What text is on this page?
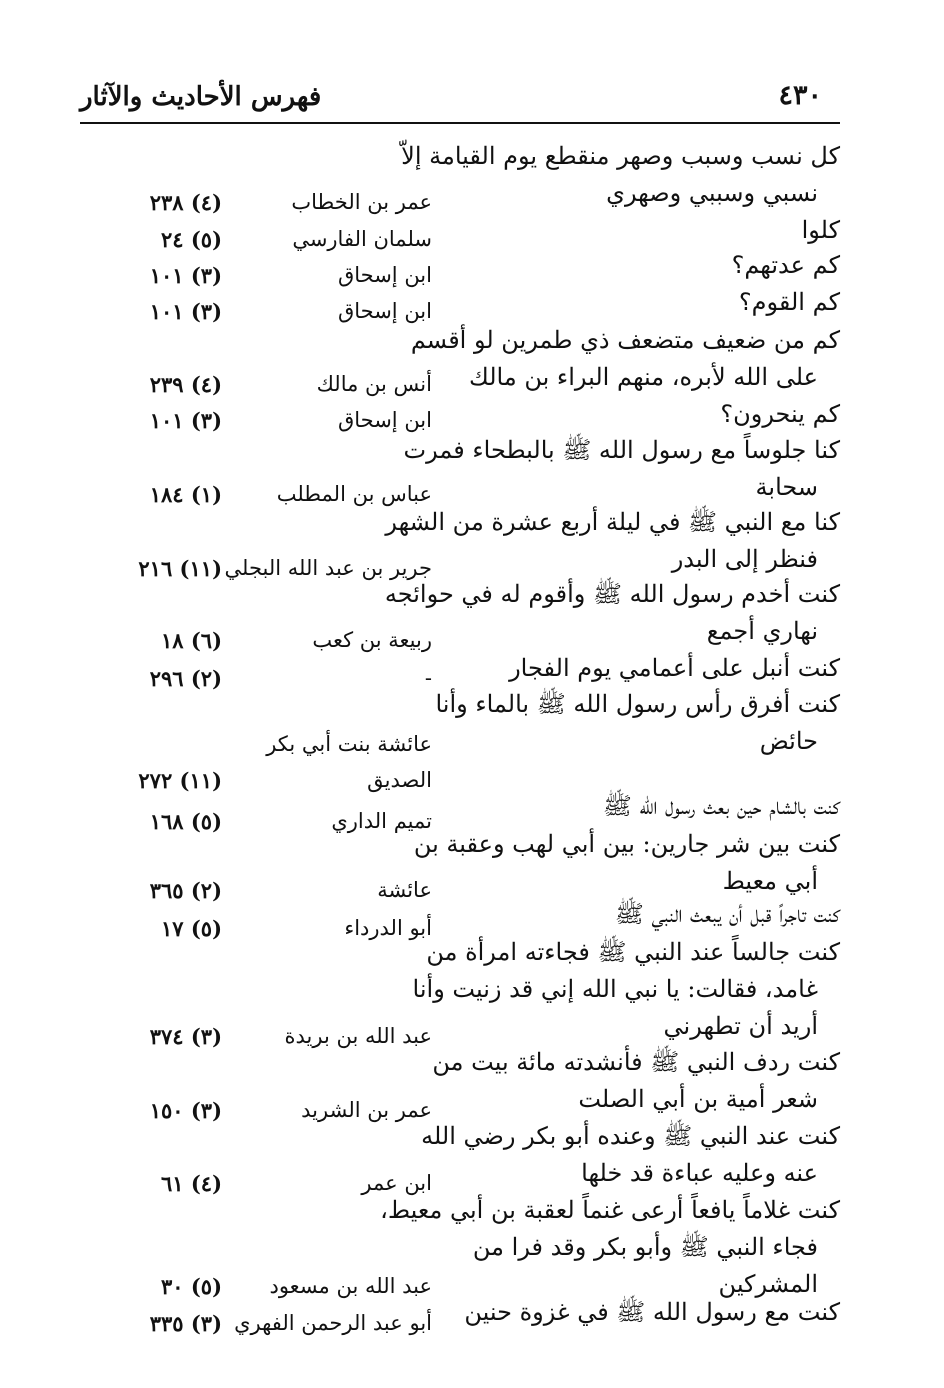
٤٣٠
فهرس الأحاديث والآثار
كل نسب وسبب وصهر منقطع يوم القيامة إلاّ
نسبي وسببي وصهري
عمر بن الخطاب
(٤) ٢٣٨
كلوا
سلمان الفارسي
(٥) ٢٤
كم عدتهم؟
ابن إسحاق
(٣) ١٠١
كم القوم؟
ابن إسحاق
(٣) ١٠١
كم من ضعيف متضعف ذي طمرين لو أقسم
على الله لأبره، منهم البراء بن مالك
أنس بن مالك
(٤) ٢٣٩
كم ينحرون؟
ابن إسحاق
(٣) ١٠١
كنا جلوساً مع رسول الله ﷺ بالبطحاء فمرت
سحابة
عباس بن المطلب
(١) ١٨٤
كنا مع النبي ﷺ في ليلة أربع عشرة من الشهر
فنظر إلى البدر
جرير بن عبد الله البجلي
(١١) ٢١٦
كنت أخدم رسول الله ﷺ وأقوم له في حوائجه
نهاري أجمع
ربيعة بن كعب
(٦) ١٨
كنت أنبل على أعمامي يوم الفجار
-
(٢) ٢٩٦
كنت أفرق رأس رسول الله ﷺ بالماء وأنا
حائض
عائشة بنت أبي بكر
الصديق
(١١) ٢٧٢
كنت بالشام حين بعث رسول الله ﷺ
تميم الداري
(٥) ١٦٨
كنت بين شر جارين: بين أبي لهب وعقبة بن
أبي معيط
عائشة
(٢) ٣٦٥
كنت تاجراً قبل أن يبعث النبي ﷺ
أبو الدرداء
(٥) ١٧
كنت جالساً عند النبي ﷺ فجاءته امرأة من
غامد، فقالت: يا نبي الله إني قد زنيت وأنا
أريد أن تطهرني
عبد الله بن بريدة
(٣) ٣٧٤
كنت ردف النبي ﷺ فأنشدته مائة بيت من
شعر أمية بن أبي الصلت
عمر بن الشريد
(٣) ١٥٠
كنت عند النبي ﷺ وعنده أبو بكر رضي الله
عنه وعليه عباءة قد خلها
ابن عمر
(٤) ٦١
كنت غلاماً يافعاً أرعى غنماً لعقبة بن أبي معيط،
فجاء النبي ﷺ وأبو بكر وقد فرا من
المشركين
عبد الله بن مسعود
(٥) ٣٠
كنت مع رسول الله ﷺ في غزوة حنين
أبو عبد الرحمن الفهري
(٣) ٣٣٥
